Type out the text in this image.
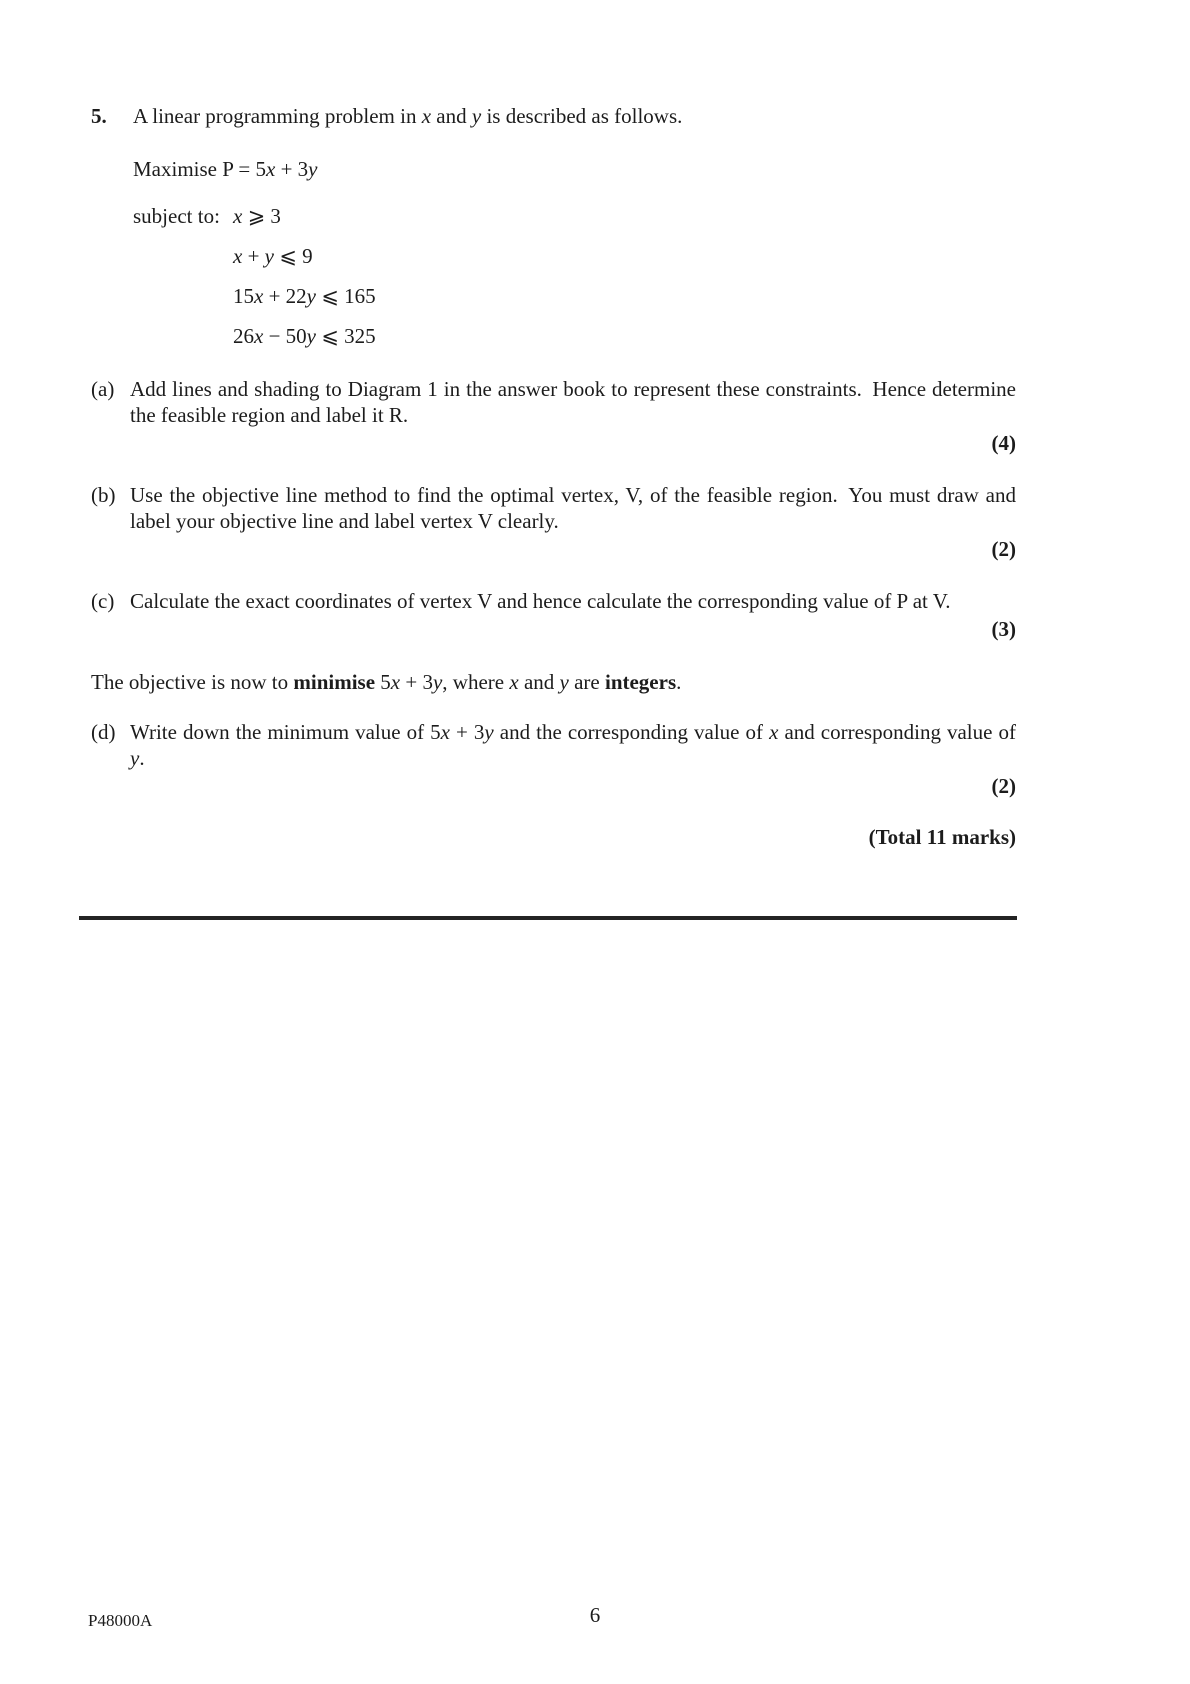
5.	A linear programming problem in x and y is described as follows.
Maximise P = 5x + 3y
subject to: x ⩾ 3
x + y ⩽ 9
15x + 22y ⩽ 165
26x − 50y ⩽ 325
(a) Add lines and shading to Diagram 1 in the answer book to represent these constraints. Hence determine the feasible region and label it R.
(4)
(b) Use the objective line method to find the optimal vertex, V, of the feasible region. You must draw and label your objective line and label vertex V clearly.
(2)
(c) Calculate the exact coordinates of vertex V and hence calculate the corresponding value of P at V.
(3)
The objective is now to minimise 5x + 3y, where x and y are integers.
(d) Write down the minimum value of 5x + 3y and the corresponding value of x and corresponding value of y.
(2)
(Total 11 marks)
P48000A	6
